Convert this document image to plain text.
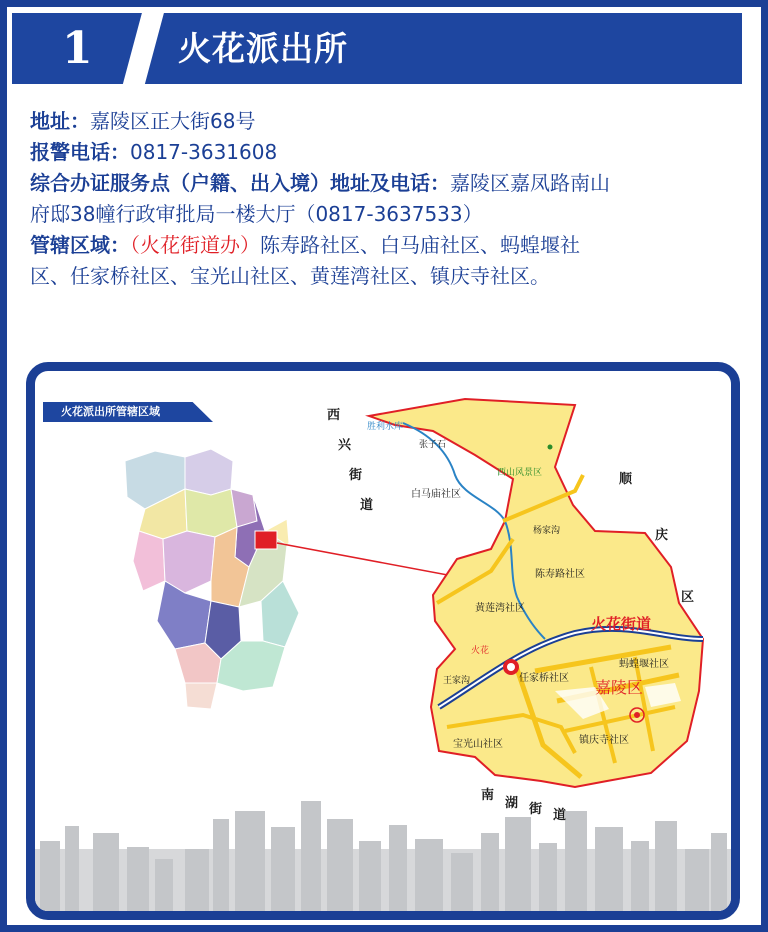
1	火花派出所

地址：嘉陵区正大街68号

报警电话：0817-3631608

综合办证服务点（户籍、出入境）地址及电话：嘉陵区嘉凤路南山

府邸38幢行政审批局一楼大厅（0817-3637533）

管辖区域：（火花街道办）陈寿路社区、白马庙社区、蚂蝗堰社

区、任家桥社区、宝光山社区、黄莲湾社区、镇庆寺社区。

西
兴
街
道
顺
庆
区
南
湖 街 道
胜利水库
张子石
西山风景区
白马庙社区
杨家沟
陈寿路社区
黄莲湾社区
火花街道
火花
蚂蝗堰社区
王家沟	任家桥社区 嘉陵区
宝光山社区	镇庆寺社区
火花派出所管辖区域
